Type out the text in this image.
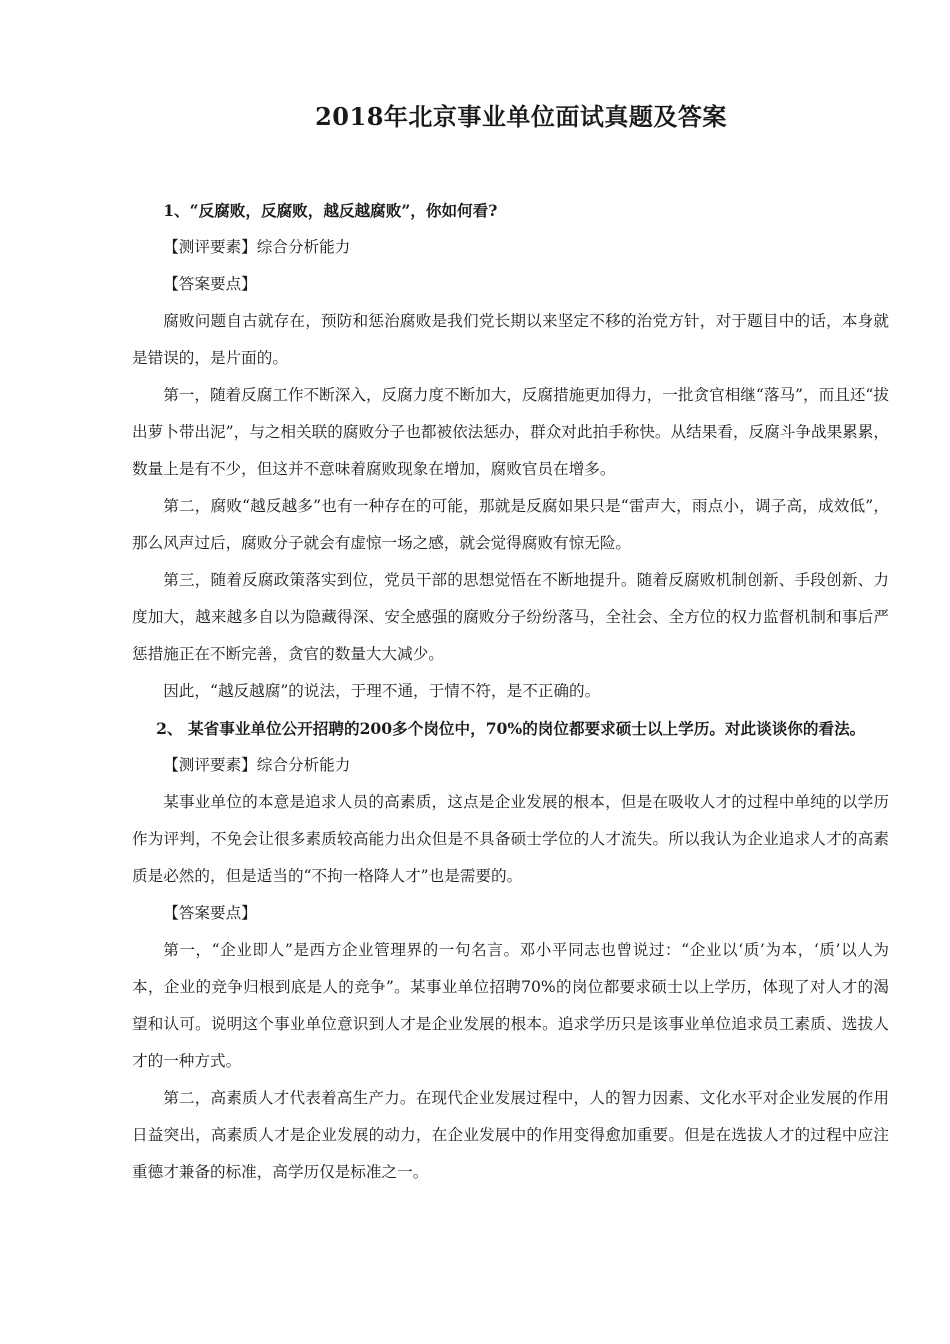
2018年北京事业单位面试真题及答案

1、“反腐败，反腐败，越反越腐败”，你如何看?

【测评要素】综合分析能力

【答案要点】

腐败问题自古就存在，预防和惩治腐败是我们党长期以来坚定不移的治党方针，对于题目中的话，本身就是错误的，是片面的。

第一，随着反腐工作不断深入，反腐力度不断加大，反腐措施更加得力，一批贪官相继“落马”，而且还“拔出萝卜带出泥”，与之相关联的腐败分子也都被依法惩办，群众对此拍手称快。从结果看，反腐斗争战果累累，数量上是有不少，但这并不意味着腐败现象在增加，腐败官员在增多。

第二，腐败“越反越多”也有一种存在的可能，那就是反腐如果只是“雷声大，雨点小，调子高，成效低”，那么风声过后，腐败分子就会有虚惊一场之感，就会觉得腐败有惊无险。

第三，随着反腐政策落实到位，党员干部的思想觉悟在不断地提升。随着反腐败机制创新、手段创新、力度加大，越来越多自以为隐藏得深、安全感强的腐败分子纷纷落马，全社会、全方位的权力监督机制和事后严惩措施正在不断完善，贪官的数量大大减少。

因此，“越反越腐”的说法，于理不通，于情不符，是不正确的。

2、 某省事业单位公开招聘的200多个岗位中，70%的岗位都要求硕士以上学历。对此谈谈你的看法。

【测评要素】综合分析能力

某事业单位的本意是追求人员的高素质，这点是企业发展的根本，但是在吸收人才的过程中单纯的以学历作为评判，不免会让很多素质较高能力出众但是不具备硕士学位的人才流失。所以我认为企业追求人才的高素质是必然的，但是适当的“不拘一格降人才”也是需要的。

【答案要点】

第一，“企业即人”是西方企业管理界的一句名言。邓小平同志也曾说过：“企业以‘质’为本，‘质’以人为本，企业的竞争归根到底是人的竞争”。某事业单位招聘70%的岗位都要求硕士以上学历，体现了对人才的渴望和认可。说明这个事业单位意识到人才是企业发展的根本。追求学历只是该事业单位追求员工素质、选拔人才的一种方式。

第二，高素质人才代表着高生产力。在现代企业发展过程中，人的智力因素、文化水平对企业发展的作用日益突出，高素质人才是企业发展的动力，在企业发展中的作用变得愈加重要。但是在选拔人才的过程中应注重德才兼备的标准，高学历仅是标准之一。
